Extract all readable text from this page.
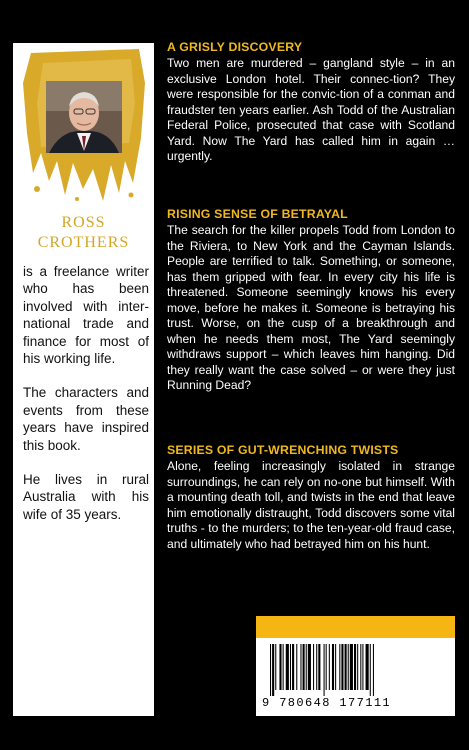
ROSS
CROTHERS

is a freelance writer who has been involved with inter-national trade and finance for most of his working life.

The characters and events from these years have inspired this book.

He lives in rural Australia with his wife of 35 years.

A GRISLY DISCOVERY

Two men are murdered – gangland style – in an exclusive London hotel. Their connec-tion? They were responsible for the convic-tion of a conman and fraudster ten years earlier. Ash Todd of the Australian Federal Police, prosecuted that case with Scotland Yard. Now The Yard has called him in again …urgently.

RISING SENSE OF BETRAYAL

The search for the killer propels Todd from London to the Riviera, to New York and the Cayman Islands. People are terrified to talk. Something, or someone, has them gripped with fear. In every city his life is threatened. Someone seemingly knows his every move, before he makes it. Someone is betraying his trust. Worse, on the cusp of a breakthrough and when he needs them most, The Yard seemingly withdraws support – which leaves him hanging. Did they really want the case solved – or were they just Running Dead?

SERIES OF GUT-WRENCHING TWISTS

Alone, feeling increasingly isolated in strange surroundings, he can rely on no-one but himself. With a mounting death toll, and twists in the end that leave him emotionally distraught, Todd discovers some vital truths - to the murders; to the ten-year-old fraud case, and ultimately who had betrayed him on his hunt.

9 780648 177111
